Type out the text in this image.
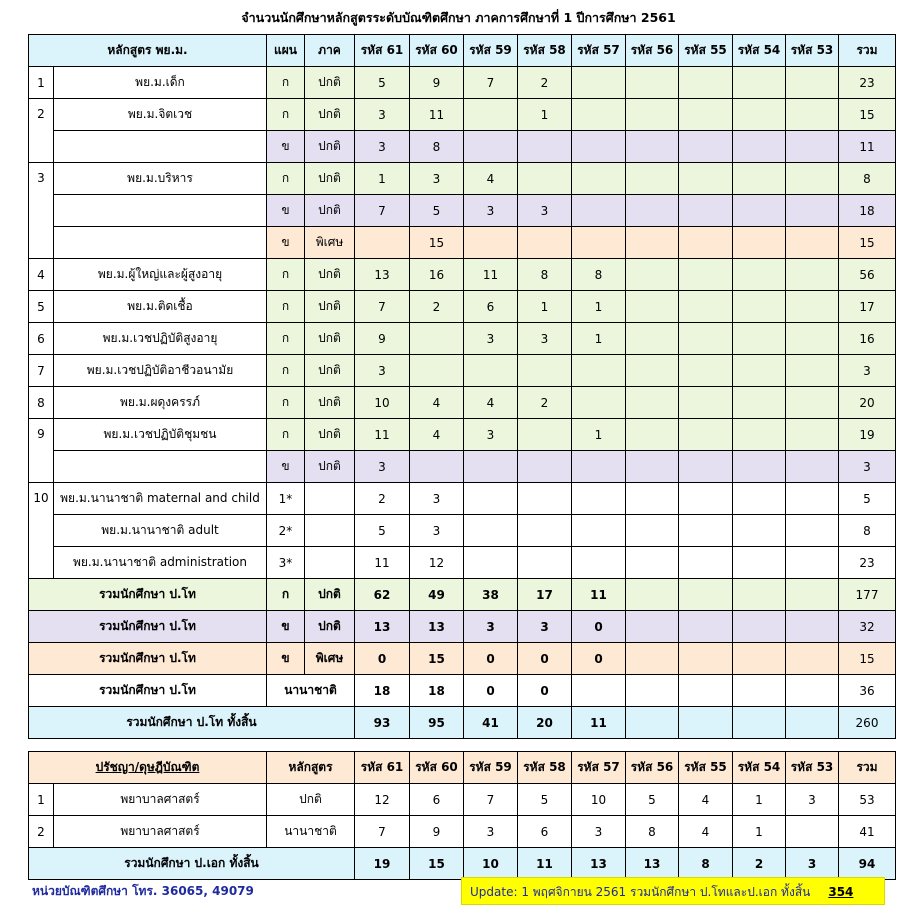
จำนวนนักศึกษาหลักสูตรระดับบัณฑิตศึกษา ภาคการศึกษาที่ 1 ปีการศึกษา 2561
หลักสูตร พย.ม.		แผน	ภาค	รหัส 61	รหัส 60	รหัส 59	รหัส 58	รหัส 57	รหัส 56	รหัส 55	รหัส 54	รหัส 53	รวม
1	พย.ม.เด็ก	ก	ปกติ	5	9	7	2						23
2	พย.ม.จิตเวช	ก	ปกติ	3	11		1						15
		ข	ปกติ	3	8								11
3	พย.ม.บริหาร	ก	ปกติ	1	3	4							8
		ข	ปกติ	7	5	3	3						18
		ข	พิเศษ		15								15
4	พย.ม.ผู้ใหญ่และผู้สูงอายุ	ก	ปกติ	13	16	11	8	8					56
5	พย.ม.ติดเชื้อ	ก	ปกติ	7	2	6	1	1					17
6	พย.ม.เวชปฏิบัติสูงอายุ	ก	ปกติ	9		3	3	1					16
7	พย.ม.เวชปฏิบัติอาชีวอนามัย	ก	ปกติ	3									3
8	พย.ม.ผดุงครรภ์	ก	ปกติ	10	4	4	2						20
9	พย.ม.เวชปฏิบัติชุมชน	ก	ปกติ	11	4	3		1					19
		ข	ปกติ	3									3
10	พย.ม.นานาชาติ maternal and child	1*		2	3								5
	พย.ม.นานาชาติ adult	2*		5	3								8
	พย.ม.นานาชาติ administration	3*		11	12								23
รวมนักศึกษา ป.โท		ก	ปกติ	62	49	38	17	11					177
รวมนักศึกษา ป.โท		ข	ปกติ	13	13	3	3	0					32
รวมนักศึกษา ป.โท		ข	พิเศษ	0	15	0	0	0					15
รวมนักศึกษา ป.โท		นานาชาติ		18	18	0	0						36
รวมนักศึกษา ป.โท ทั้งสิ้น				93	95	41	20	11					260
ปรัชญา/ดุษฎีบัณฑิต		หลักสูตร	รหัส 61	รหัส 60	รหัส 59	รหัส 58	รหัส 57	รหัส 56	รหัส 55	รหัส 54	รหัส 53	รวม
1	พยาบาลศาสตร์	ปกติ	12	6	7	5	10	5	4	1	3	53
2	พยาบาลศาสตร์	นานาชาติ	7	9	3	6	3	8	4	1		41
รวมนักศึกษา ป.เอก ทั้งสิ้น			19	15	10	11	13	13	8	2	3	94
หน่วยบัณฑิตศึกษา โทร. 36065, 49079	Update: 1 พฤศจิกายน 2561 รวมนักศึกษา ป.โทและป.เอก ทั้งสิ้น 354
